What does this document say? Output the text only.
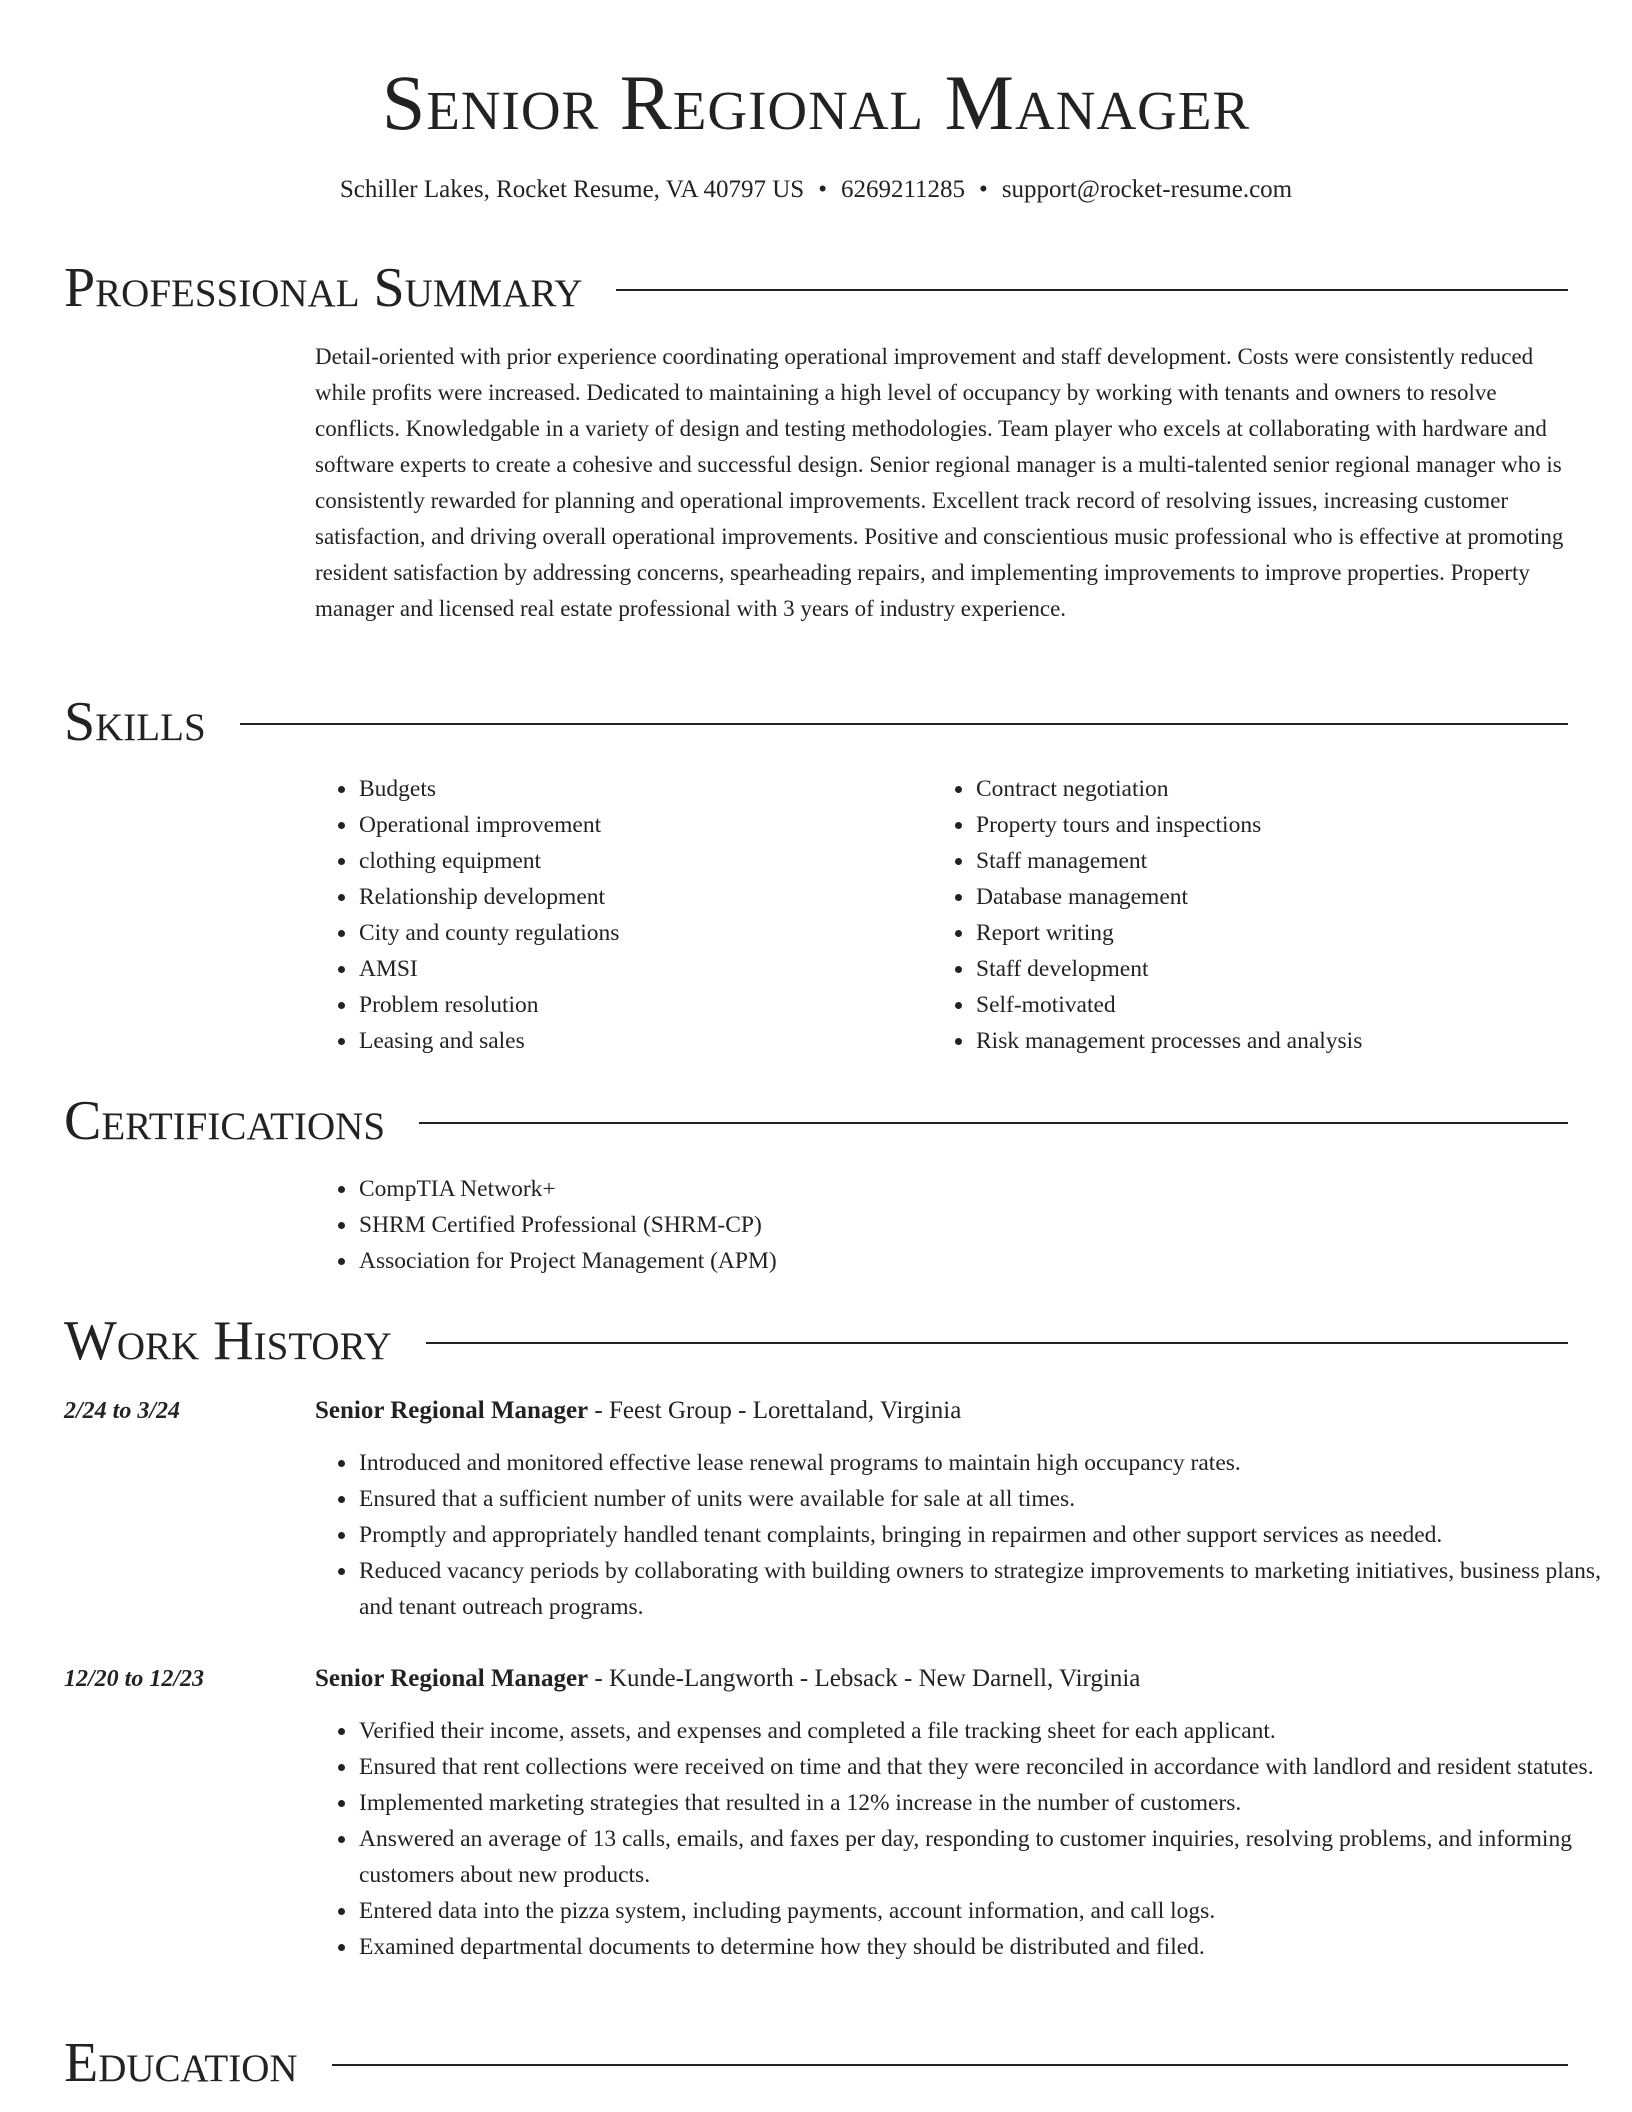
Senior Regional Manager
Schiller Lakes, Rocket Resume, VA 40797 US • 6269211285 • support@rocket-resume.com
Professional Summary

Detail-oriented with prior experience coordinating operational improvement and staff development. Costs were consistently reduced while profits were increased. Dedicated to maintaining a high level of occupancy by working with tenants and owners to resolve conflicts. Knowledgable in a variety of design and testing methodologies. Team player who excels at collaborating with hardware and software experts to create a cohesive and successful design. Senior regional manager is a multi-talented senior regional manager who is consistently rewarded for planning and operational improvements. Excellent track record of resolving issues, increasing customer satisfaction, and driving overall operational improvements. Positive and conscientious music professional who is effective at promoting resident satisfaction by addressing concerns, spearheading repairs, and implementing improvements to improve properties. Property manager and licensed real estate professional with 3 years of industry experience.

Skills
• Budgets
• Operational improvement
• clothing equipment
• Relationship development
• City and county regulations
• AMSI
• Problem resolution
• Leasing and sales
• Contract negotiation
• Property tours and inspections
• Staff management
• Database management
• Report writing
• Staff development
• Self-motivated
• Risk management processes and analysis
Certifications
• CompTIA Network+
• SHRM Certified Professional (SHRM-CP)
• Association for Project Management (APM)
Work History
2/24 to 3/24	Senior Regional Manager - Feest Group - Lorettaland, Virginia
• Introduced and monitored effective lease renewal programs to maintain high occupancy rates.
• Ensured that a sufficient number of units were available for sale at all times.
• Promptly and appropriately handled tenant complaints, bringing in repairmen and other support services as needed.
• Reduced vacancy periods by collaborating with building owners to strategize improvements to marketing initiatives, business plans, and tenant outreach programs.
12/20 to 12/23	Senior Regional Manager - Kunde-Langworth - Lebsack - New Darnell, Virginia
• Verified their income, assets, and expenses and completed a file tracking sheet for each applicant.
• Ensured that rent collections were received on time and that they were reconciled in accordance with landlord and resident statutes.
• Implemented marketing strategies that resulted in a 12% increase in the number of customers.
• Answered an average of 13 calls, emails, and faxes per day, responding to customer inquiries, resolving problems, and informing customers about new products.
• Entered data into the pizza system, including payments, account information, and call logs.
• Examined departmental documents to determine how they should be distributed and filed.
Education
